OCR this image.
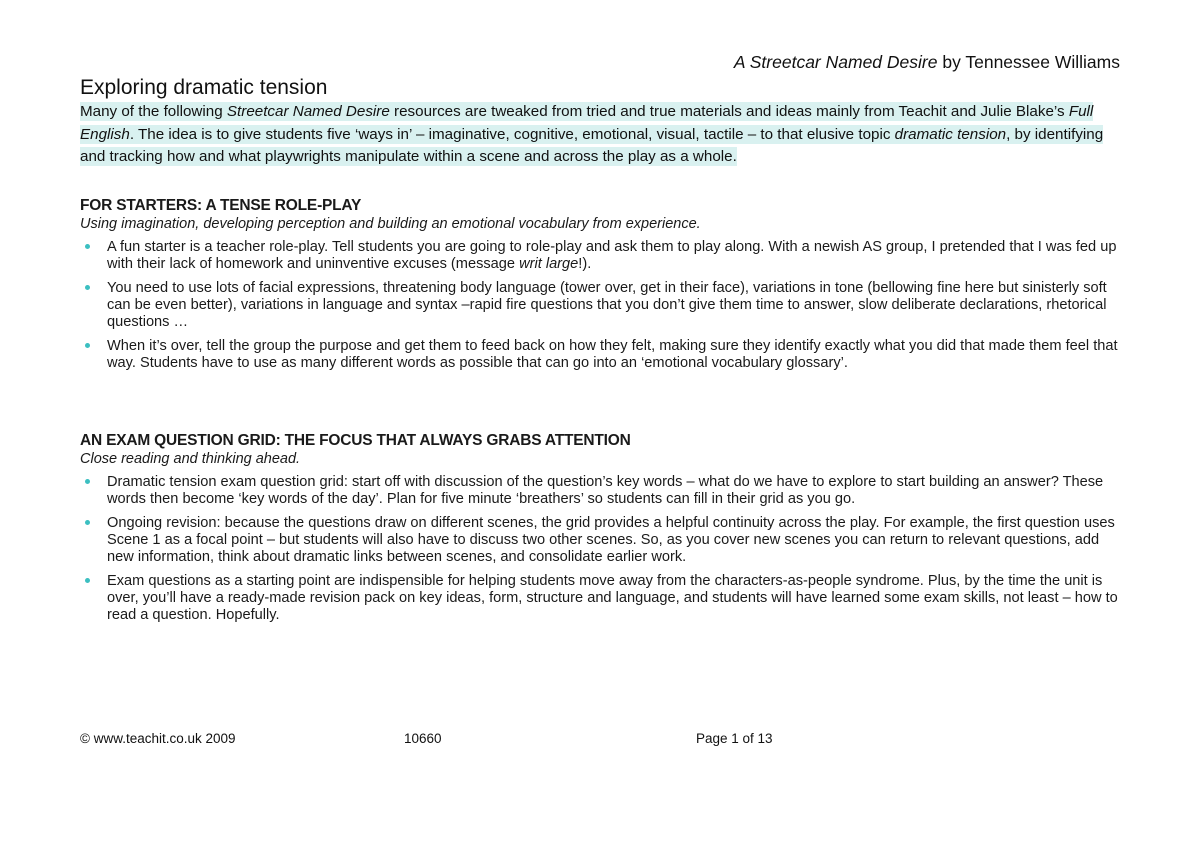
A Streetcar Named Desire by Tennessee Williams
Exploring dramatic tension
Many of the following Streetcar Named Desire resources are tweaked from tried and true materials and ideas mainly from Teachit and Julie Blake’s Full English. The idea is to give students five ‘ways in’ – imaginative, cognitive, emotional, visual, tactile – to that elusive topic dramatic tension, by identifying and tracking how and what playwrights manipulate within a scene and across the play as a whole.
FOR STARTERS: A TENSE ROLE-PLAY

Using imagination, developing perception and building an emotional vocabulary from experience.

A fun starter is a teacher role-play. Tell students you are going to role-play and ask them to play along. With a newish AS group, I pretended that I was fed up with their lack of homework and uninventive excuses (message writ large!).
You need to use lots of facial expressions, threatening body language (tower over, get in their face), variations in tone (bellowing fine here but sinisterly soft can be even better), variations in language and syntax –rapid fire questions that you don’t give them time to answer, slow deliberate declarations, rhetorical questions …
When it’s over, tell the group the purpose and get them to feed back on how they felt, making sure they identify exactly what you did that made them feel that way. Students have to use as many different words as possible that can go into an ‘emotional vocabulary glossary’.
AN EXAM QUESTION GRID: THE FOCUS THAT ALWAYS GRABS ATTENTION

Close reading and thinking ahead.

Dramatic tension exam question grid: start off with discussion of the question’s key words – what do we have to explore to start building an answer? These words then become ‘key words of the day’. Plan for five minute ‘breathers’ so students can fill in their grid as you go.
Ongoing revision: because the questions draw on different scenes, the grid provides a helpful continuity across the play. For example, the first question uses Scene 1 as a focal point – but students will also have to discuss two other scenes. So, as you cover new scenes you can return to relevant questions, add new information, think about dramatic links between scenes, and consolidate earlier work.
Exam questions as a starting point are indispensible for helping students move away from the characters-as-people syndrome. Plus, by the time the unit is over, you’ll have a ready-made revision pack on key ideas, form, structure and language, and students will have learned some exam skills, not least – how to read a question. Hopefully.
© www.teachit.co.uk 2009	10660	Page 1 of 13
